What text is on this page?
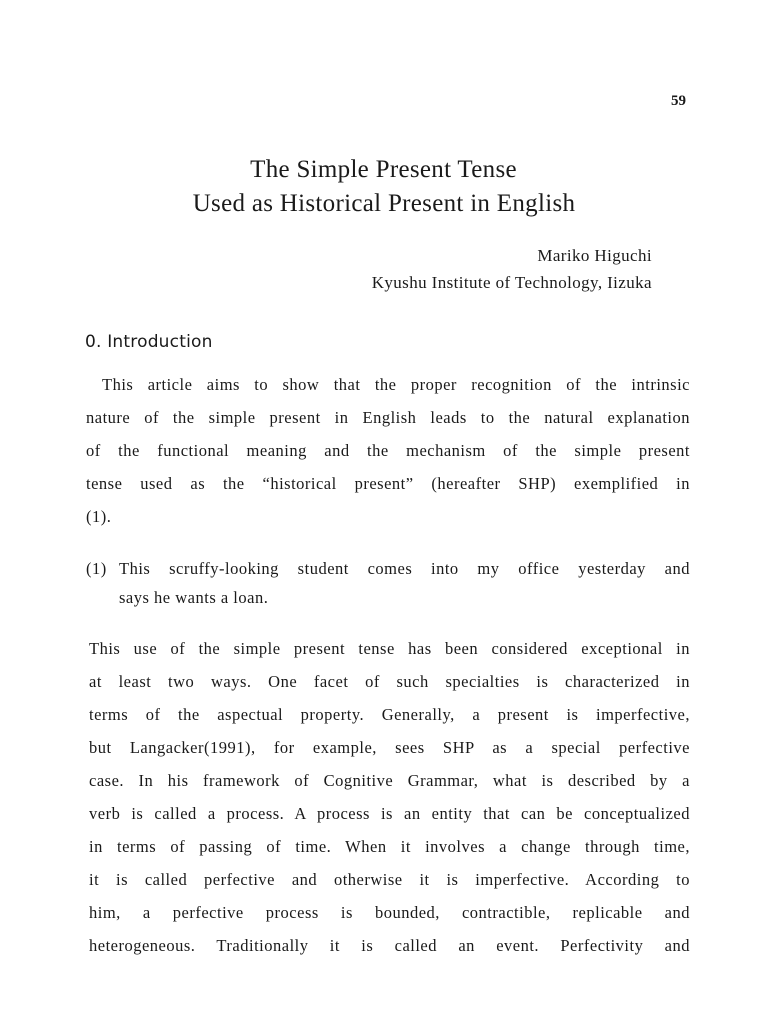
59
The Simple Present Tense
Used as Historical Present in English
Mariko Higuchi
Kyushu Institute of Technology, Iizuka
0. Introduction
This article aims to show that the proper recognition of the intrinsic
nature of the simple present in English leads to the natural explanation
of the functional meaning and the mechanism of the simple present
tense used as the “historical present” (hereafter SHP) exemplified in
(1).
(1) This scruffy-looking student comes into my office yesterday and
says he wants a loan.
This use of the simple present tense has been considered exceptional in
at least two ways. One facet of such specialties is characterized in
terms of the aspectual property. Generally, a present is imperfective,
but Langacker(1991), for example, sees SHP as a special perfective
case. In his framework of Cognitive Grammar, what is described by a
verb is called a process. A process is an entity that can be conceptualized
in terms of passing of time. When it involves a change through time,
it is called perfective and otherwise it is imperfective. According to
him, a perfective process is bounded, contractible, replicable and
heterogeneous. Traditionally it is called an event. Perfectivity and
